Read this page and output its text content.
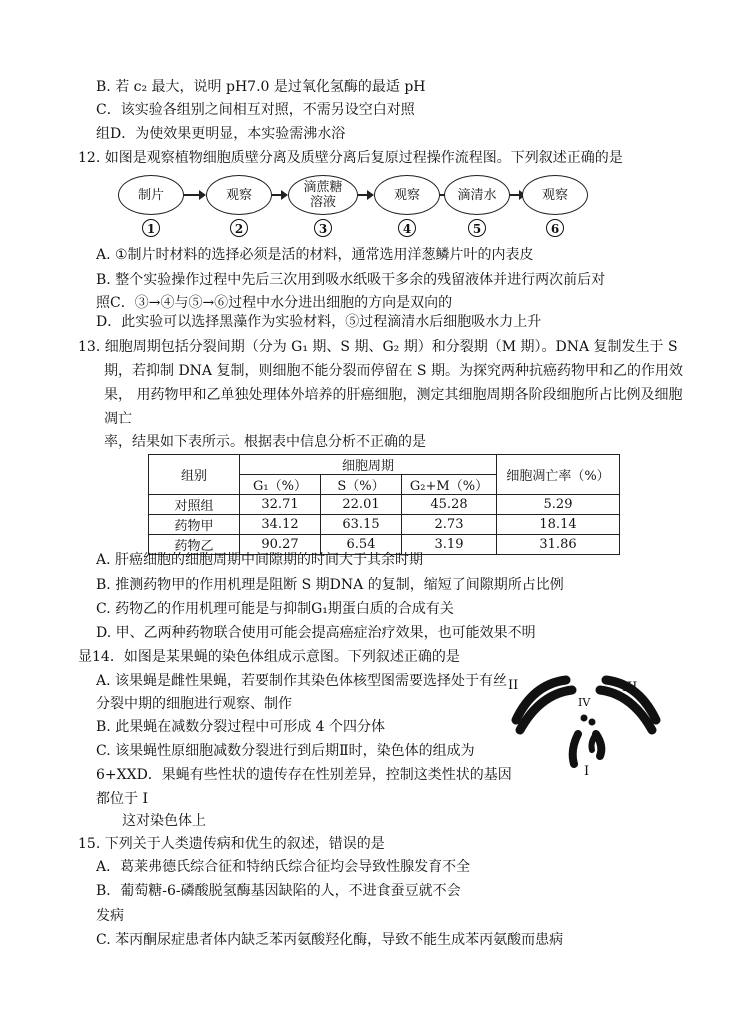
B. 若 c₂ 最大，说明 pH7.0 是过氧化氢酶的最适 pH
C．该实验各组别之间相互对照，不需另设空白对照
组D．为使效果更明显，本实验需沸水浴
12. 如图是观察植物细胞质壁分离及质壁分离后复原过程操作流程图。下列叙述正确的是
制片	观察	滴蔗糖
溶液	观察	滴清水	观察
1	2	3	4	5	6
A. ①制片时材料的选择必须是活的材料，通常选用洋葱鳞片叶的内表皮
B. 整个实验操作过程中先后三次用到吸水纸吸干多余的残留液体并进行两次前后对
照C．③→④与⑤→⑥过程中水分进出细胞的方向是双向的
D．此实验可以选择黑藻作为实验材料，⑤过程滴清水后细胞吸水力上升
13. 细胞周期包括分裂间期（分为 G₁ 期、S 期、G₂ 期）和分裂期（M 期）。DNA 复制发生于 S
期，若抑制 DNA 复制，则细胞不能分裂而停留在 S 期。为探究两种抗癌药物甲和乙的作用效
果， 用药物甲和乙单独处理体外培养的肝癌细胞，测定其细胞周期各阶段细胞所占比例及细胞
凋亡
率，结果如下表所示。根据表中信息分析不正确的是
组别	细胞周期			细胞凋亡率（%）
	G₁（%）	S（%）	G₂+M（%）	
对照组	32.71	22.01	45.28	5.29
药物甲	34.12	63.15	2.73	18.14
药物乙	90.27	6.54	3.19	31.86
A. 肝癌细胞的细胞周期中间隙期的时间大于其余时期
B. 推测药物甲的作用机理是阻断 S 期DNA 的复制，缩短了间隙期所占比例
C. 药物乙的作用机理可能是与抑制G₁期蛋白质的合成有关
D. 甲、乙两种药物联合使用可能会提高癌症治疗效果，也可能效果不明
显14．如图是某果蝇的染色体组成示意图。下列叙述正确的是
A. 该果蝇是雌性果蝇，若要制作其染色体核型图需要选择处于有丝
分裂中期的细胞进行观察、制作
B. 此果蝇在减数分裂过程中可形成 4 个四分体
C. 该果蝇性原细胞减数分裂进行到后期Ⅱ时，染色体的组成为
6+XXD．果蝇有些性状的遗传存在性别差异，控制这类性状的基因
都位于 I
这对染色体上
II	III
IV
I
15. 下列关于人类遗传病和优生的叙述，错误的是
A．葛莱弗德氏综合征和特纳氏综合征均会导致性腺发育不全
B．葡萄糖-6-磷酸脱氢酶基因缺陷的人，不进食蚕豆就不会
发病
C. 苯丙酮尿症患者体内缺乏苯丙氨酸羟化酶，导致不能生成苯丙氨酸而患病
